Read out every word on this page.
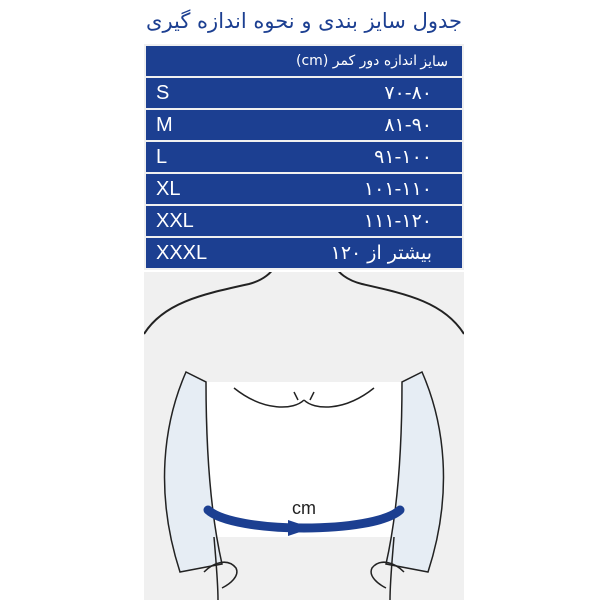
جدول سایز بندی و نحوه اندازه گیری
اندازه دور کمر (cm) سایز
S	۷۰-۸۰
M	۸۱-۹۰
L	۹۱-۱۰۰
XL	۱۰۱-۱۱۰
XXL	۱۱۱-۱۲۰
XXXL	بیشتر از ۱۲۰
cm
